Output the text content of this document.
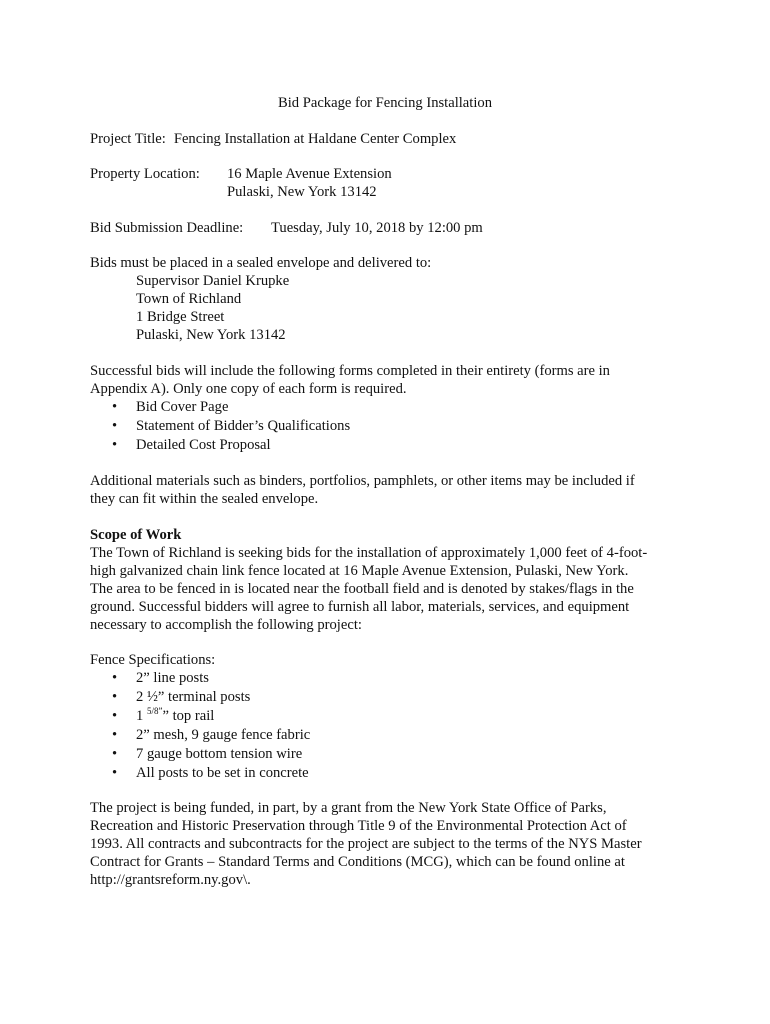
Bid Package for Fencing Installation
Project Title: Fencing Installation at Haldane Center Complex
Property Location: 16 Maple Avenue Extension
Pulaski, New York 13142
Bid Submission Deadline: Tuesday, July 10, 2018 by 12:00 pm
Bids must be placed in a sealed envelope and delivered to:
Supervisor Daniel Krupke
Town of Richland
1 Bridge Street
Pulaski, New York 13142
Successful bids will include the following forms completed in their entirety (forms are in
Appendix A). Only one copy of each form is required.
• Bid Cover Page
• Statement of Bidder’s Qualifications
• Detailed Cost Proposal
Additional materials such as binders, portfolios, pamphlets, or other items may be included if
they can fit within the sealed envelope.
Scope of Work
The Town of Richland is seeking bids for the installation of approximately 1,000 feet of 4-foot-
high galvanized chain link fence located at 16 Maple Avenue Extension, Pulaski, New York.
The area to be fenced in is located near the football field and is denoted by stakes/flags in the
ground. Successful bidders will agree to furnish all labor, materials, services, and equipment
necessary to accomplish the following project:
Fence Specifications:
• 2” line posts
• 2 ½” terminal posts
• 1 $^{5/8”}$” top rail
• 2” mesh, 9 gauge fence fabric
• 7 gauge bottom tension wire
• All posts to be set in concrete
The project is being funded, in part, by a grant from the New York State Office of Parks,
Recreation and Historic Preservation through Title 9 of the Environmental Protection Act of
1993. All contracts and subcontracts for the project are subject to the terms of the NYS Master
Contract for Grants – Standard Terms and Conditions (MCG), which can be found online at
http://grantsreform.ny.gov\.
